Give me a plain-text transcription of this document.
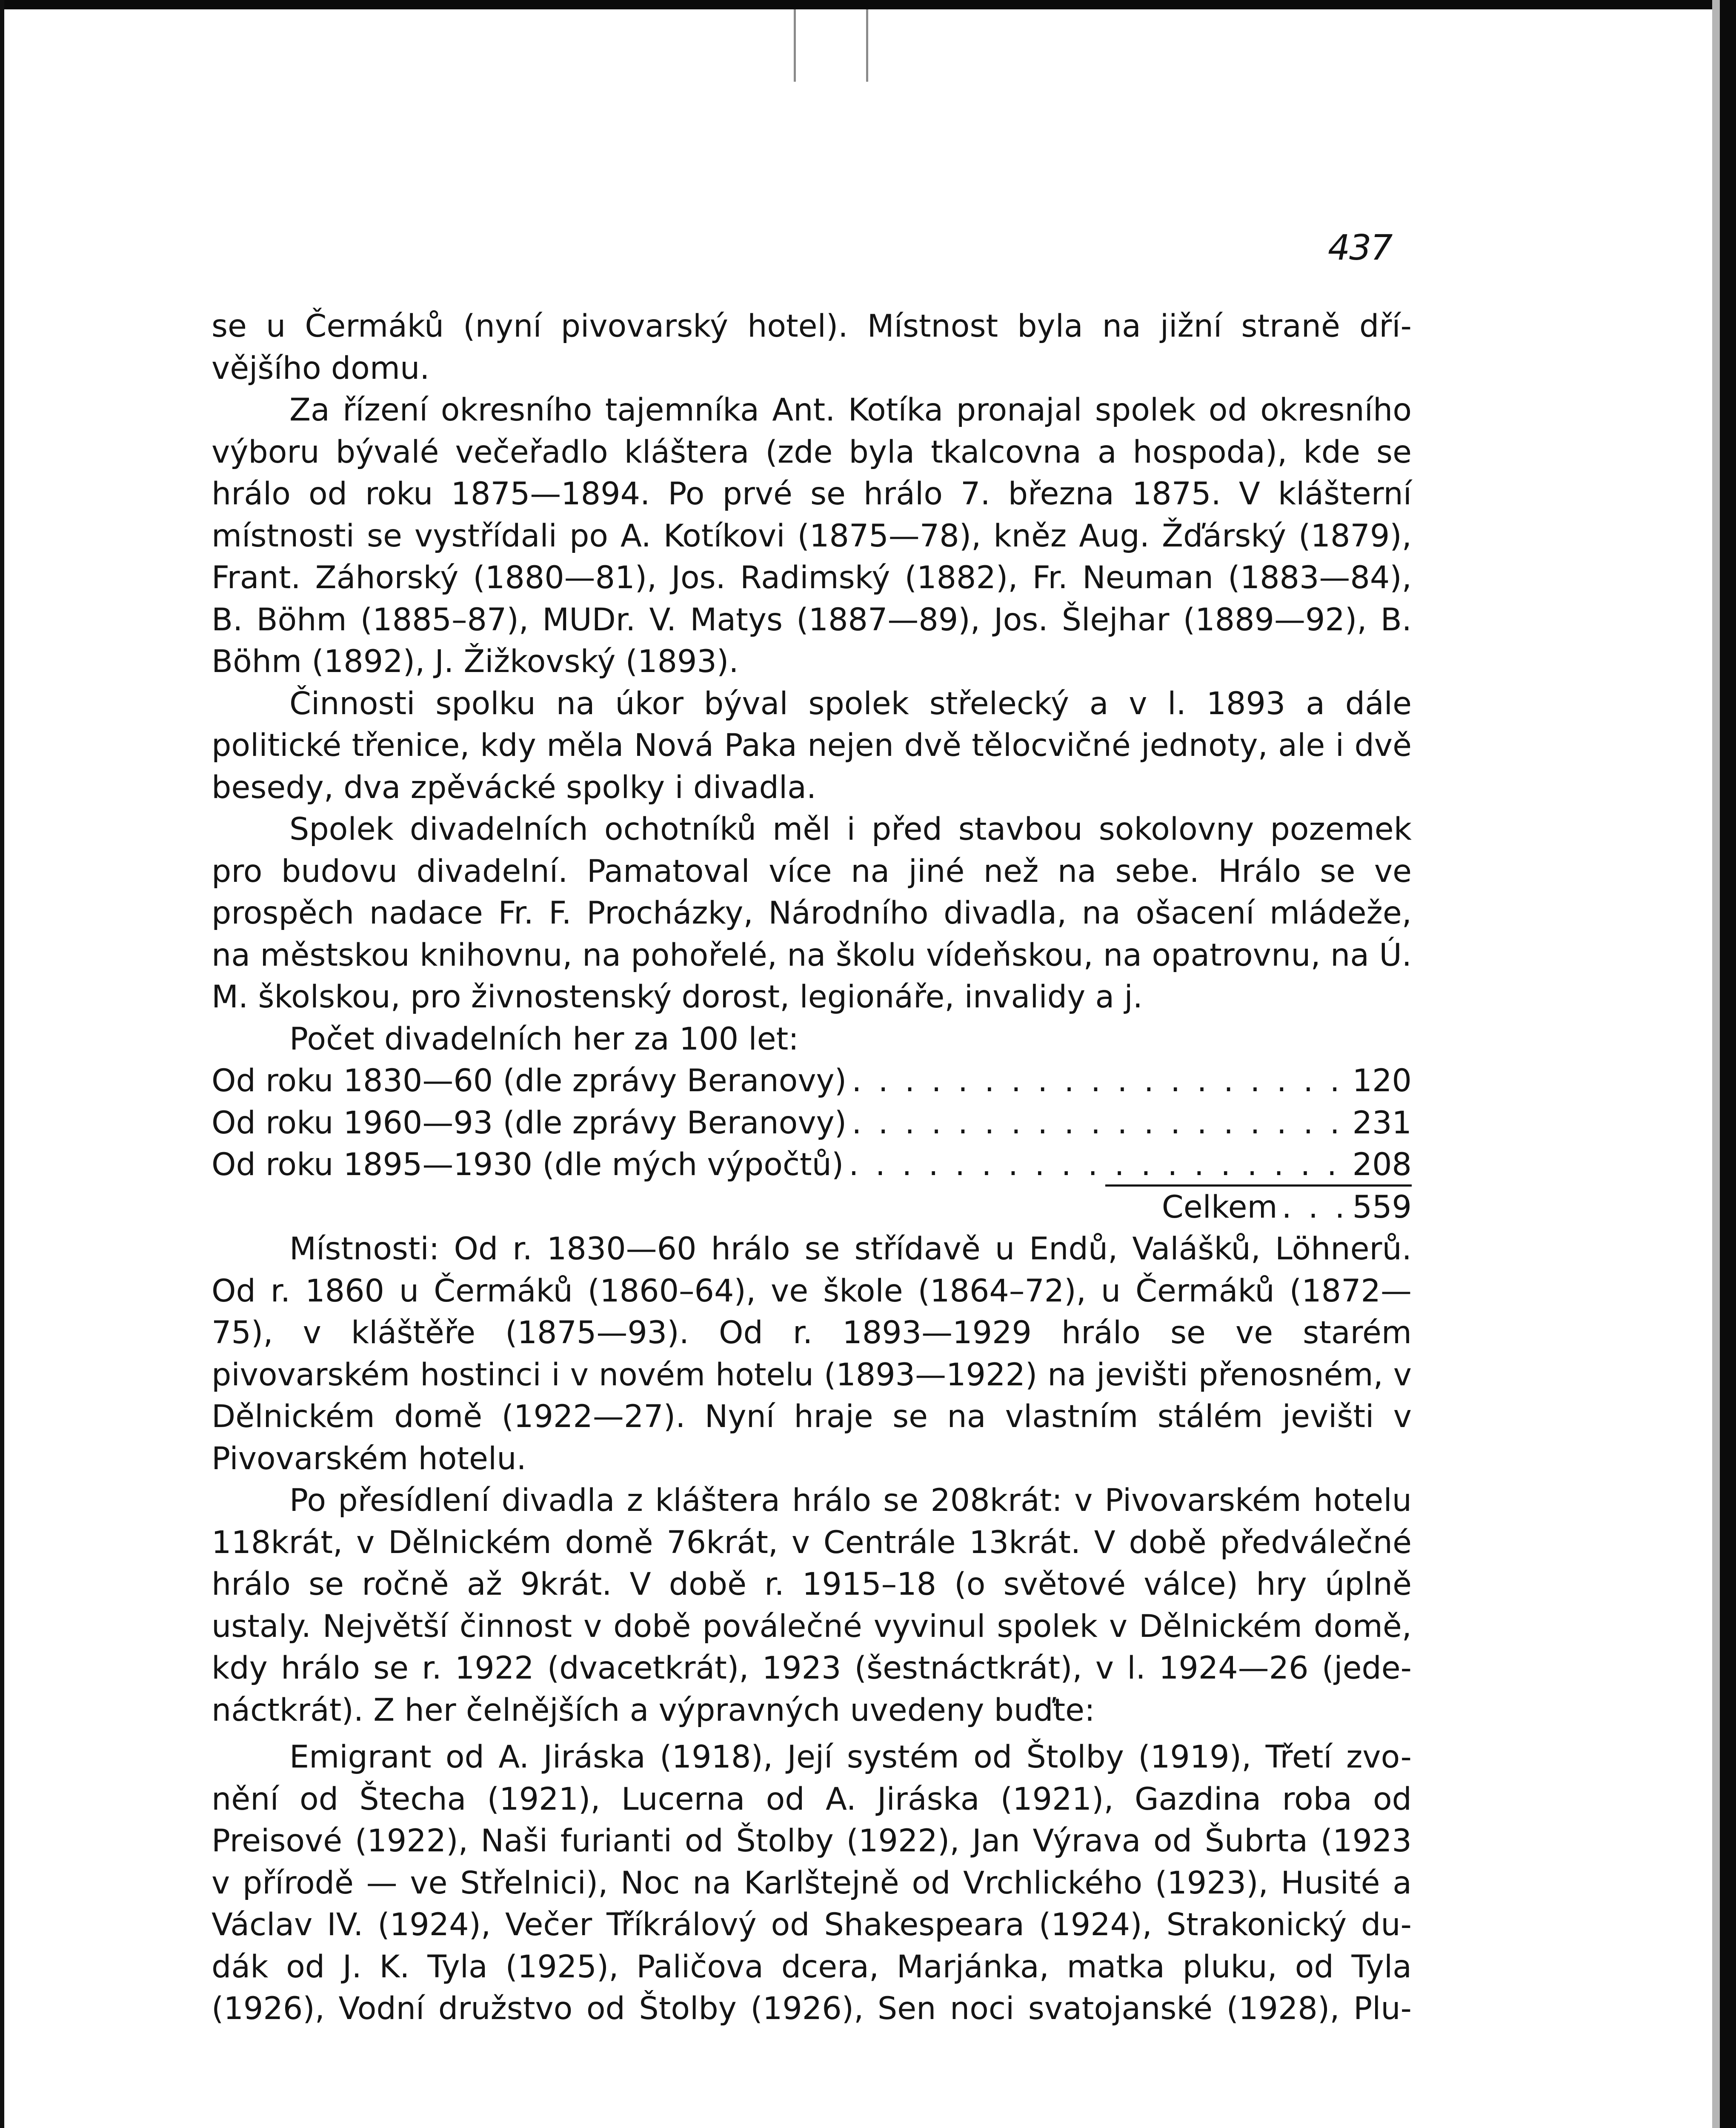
437

se u Čermáků (nyní pivovarský hotel). Místnost byla na jižní straně dří-vějšího domu.

Za řízení okresního tajemníka Ant. Kotíka pronajal spolek od okresního výboru bývalé večeřadlo kláštera (zde byla tkalcovna a hospoda), kde se hrálo od roku 1875—1894. Po prvé se hrálo 7. března 1875. V klášterní místnosti se vystřídali po A. Kotíkovi (1875—78), kněz Aug. Žďárský (1879), Frant. Záhorský (1880—81), Jos. Radimský (1882), Fr. Neuman (1883—84), B. Böhm (1885–87), MUDr. V. Matys (1887—89), Jos. Šlejhar (1889—92), B. Böhm (1892), J. Žižkovský (1893).

Činnosti spolku na úkor býval spolek střelecký a v l. 1893 a dále politické třenice, kdy měla Nová Paka nejen dvě tělocvičné jednoty, ale i dvě besedy, dva zpěvácké spolky i divadla.

Spolek divadelních ochotníků měl i před stavbou sokolovny pozemek pro budovu divadelní. Pamatoval více na jiné než na sebe. Hrálo se ve prospěch nadace Fr. F. Procházky, Národního divadla, na ošacení mládeže, na městskou knihovnu, na pohořelé, na školu vídeňskou, na opatrovnu, na Ú. M. školskou, pro živnostenský dorost, legionáře, invalidy a j.

Počet divadelních her za 100 let:

Od roku 1830—60 (dle zprávy Beranovy) . . .	120
Od roku 1960—93 (dle zprávy Beranovy) . . .	231
Od roku 1895—1930 (dle mých výpočtů) . . .	208
Celkem . . . 559

Místnosti: Od r. 1830—60 hrálo se střídavě u Endů, Valášků, Löhnerů. Od r. 1860 u Čermáků (1860–64), ve škole (1864–72), u Čermáků (1872—75), v kláštěře (1875—93). Od r. 1893—1929 hrálo se ve starém pivovarském hostinci i v novém hotelu (1893—1922) na jevišti přenosném, v Dělnickém domě (1922—27). Nyní hraje se na vlastním stálém jevišti v Pivovarském hotelu.

Po přesídlení divadla z kláštera hrálo se 208krát: v Pivovarském hotelu 118krát, v Dělnickém domě 76krát, v Centrále 13krát. V době předválečné hrálo se ročně až 9krát. V době r. 1915–18 (o světové válce) hry úplně ustaly. Největší činnost v době poválečné vyvinul spolek v Dělnickém domě, kdy hrálo se r. 1922 (dvacetkrát), 1923 (šestnáctkrát), v l. 1924—26 (jede-náctkrát). Z her čelnějších a výpravných uvedeny buďte:

Emigrant od A. Jiráska (1918), Její systém od Štolby (1919), Třetí zvo-
nění od Štecha (1921), Lucerna od A. Jiráska (1921), Gazdina roba od
Preisové (1922), Naši furianti od Štolby (1922), Jan Výrava od Šubrta (1923
v přírodě — ve Střelnici), Noc na Karlštejně od Vrchlického (1923), Husité a
Václav IV. (1924), Večer Tříkrálový od Shakespeara (1924), Strakonický du-
dák od J. K. Tyla (1925), Paličova dcera, Marjánka, matka pluku, od Tyla
(1926), Vodní družstvo od Štolby (1926), Sen noci svatojanské (1928), Plu-
